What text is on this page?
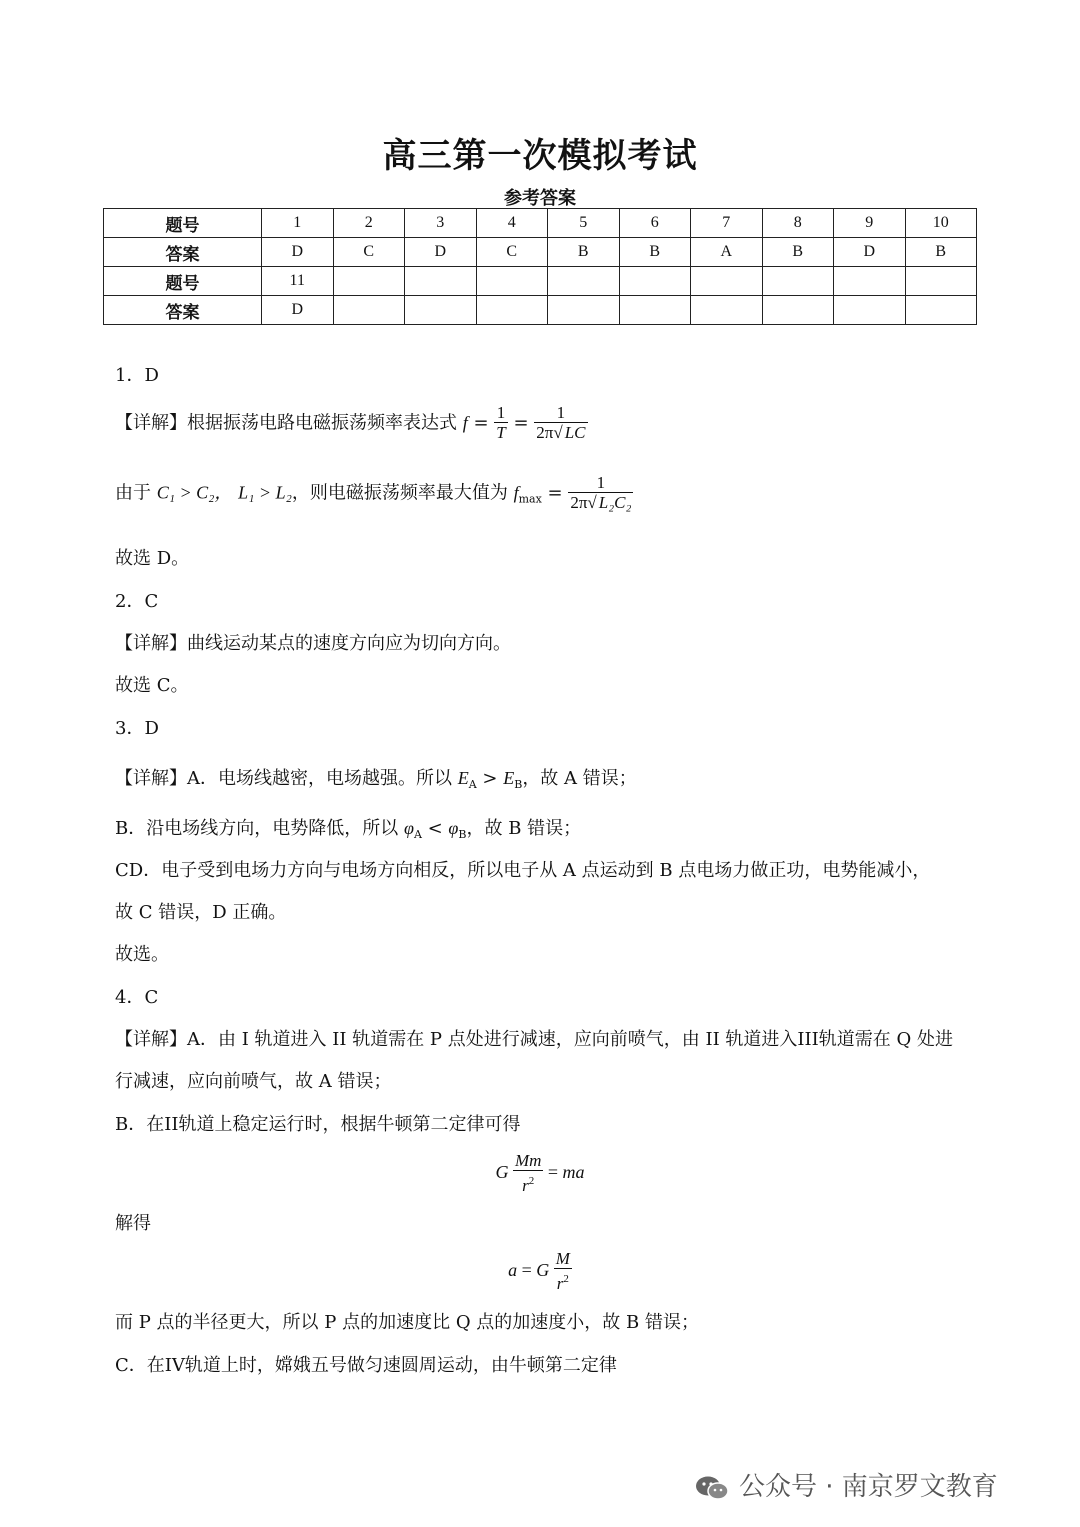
高三第一次模拟考试
参考答案
题号	1	2	3	4	5	6	7	8	9	10
答案	D	C	D	C	B	B	A	B	D	B
题号	11									
答案	D									
1．D
【详解】根据振荡电路电磁振荡频率表达式 $f = \frac{1}{T} = \frac{1}{2\pi√ LC}$
由于 C₁ > C₂， L₁ > L₂，则电磁振荡频率最大值为 $f_{max} = \frac{1}{\text{2π√ L₂C₂}}$
故选 D。
2．C
【详解】曲线运动某点的速度方向应为切向方向。
故选 C。
3．D
【详解】A．电场线越密，电场越强。所以 $E_A > E_B$，故 A 错误；
B．沿电场线方向，电势降低，所以 $\varphi_A < \varphi_B$，故 B 错误；
CD．电子受到电场力方向与电场方向相反，所以电子从 A 点运动到 B 点电场力做正功，电势能减小，
故 C 错误，D 正确。
故选。
4．C
【详解】A．由 I 轨道进入 II 轨道需在 P 点处进行减速，应向前喷气，由 II 轨道进入III轨道需在 Q 处进
行减速，应向前喷气，故 A 错误；
B．在II轨道上稳定运行时，根据牛顿第二定律可得
G $\frac{Mm}{r^2}$ = ma
解得
a = G $\frac{M}{r^2}$
而 P 点的半径更大，所以 P 点的加速度比 Q 点的加速度小，故 B 错误；
C．在IV轨道上时，嫦娥五号做匀速圆周运动，由牛顿第二定律
公众号 · 南京罗文教育
